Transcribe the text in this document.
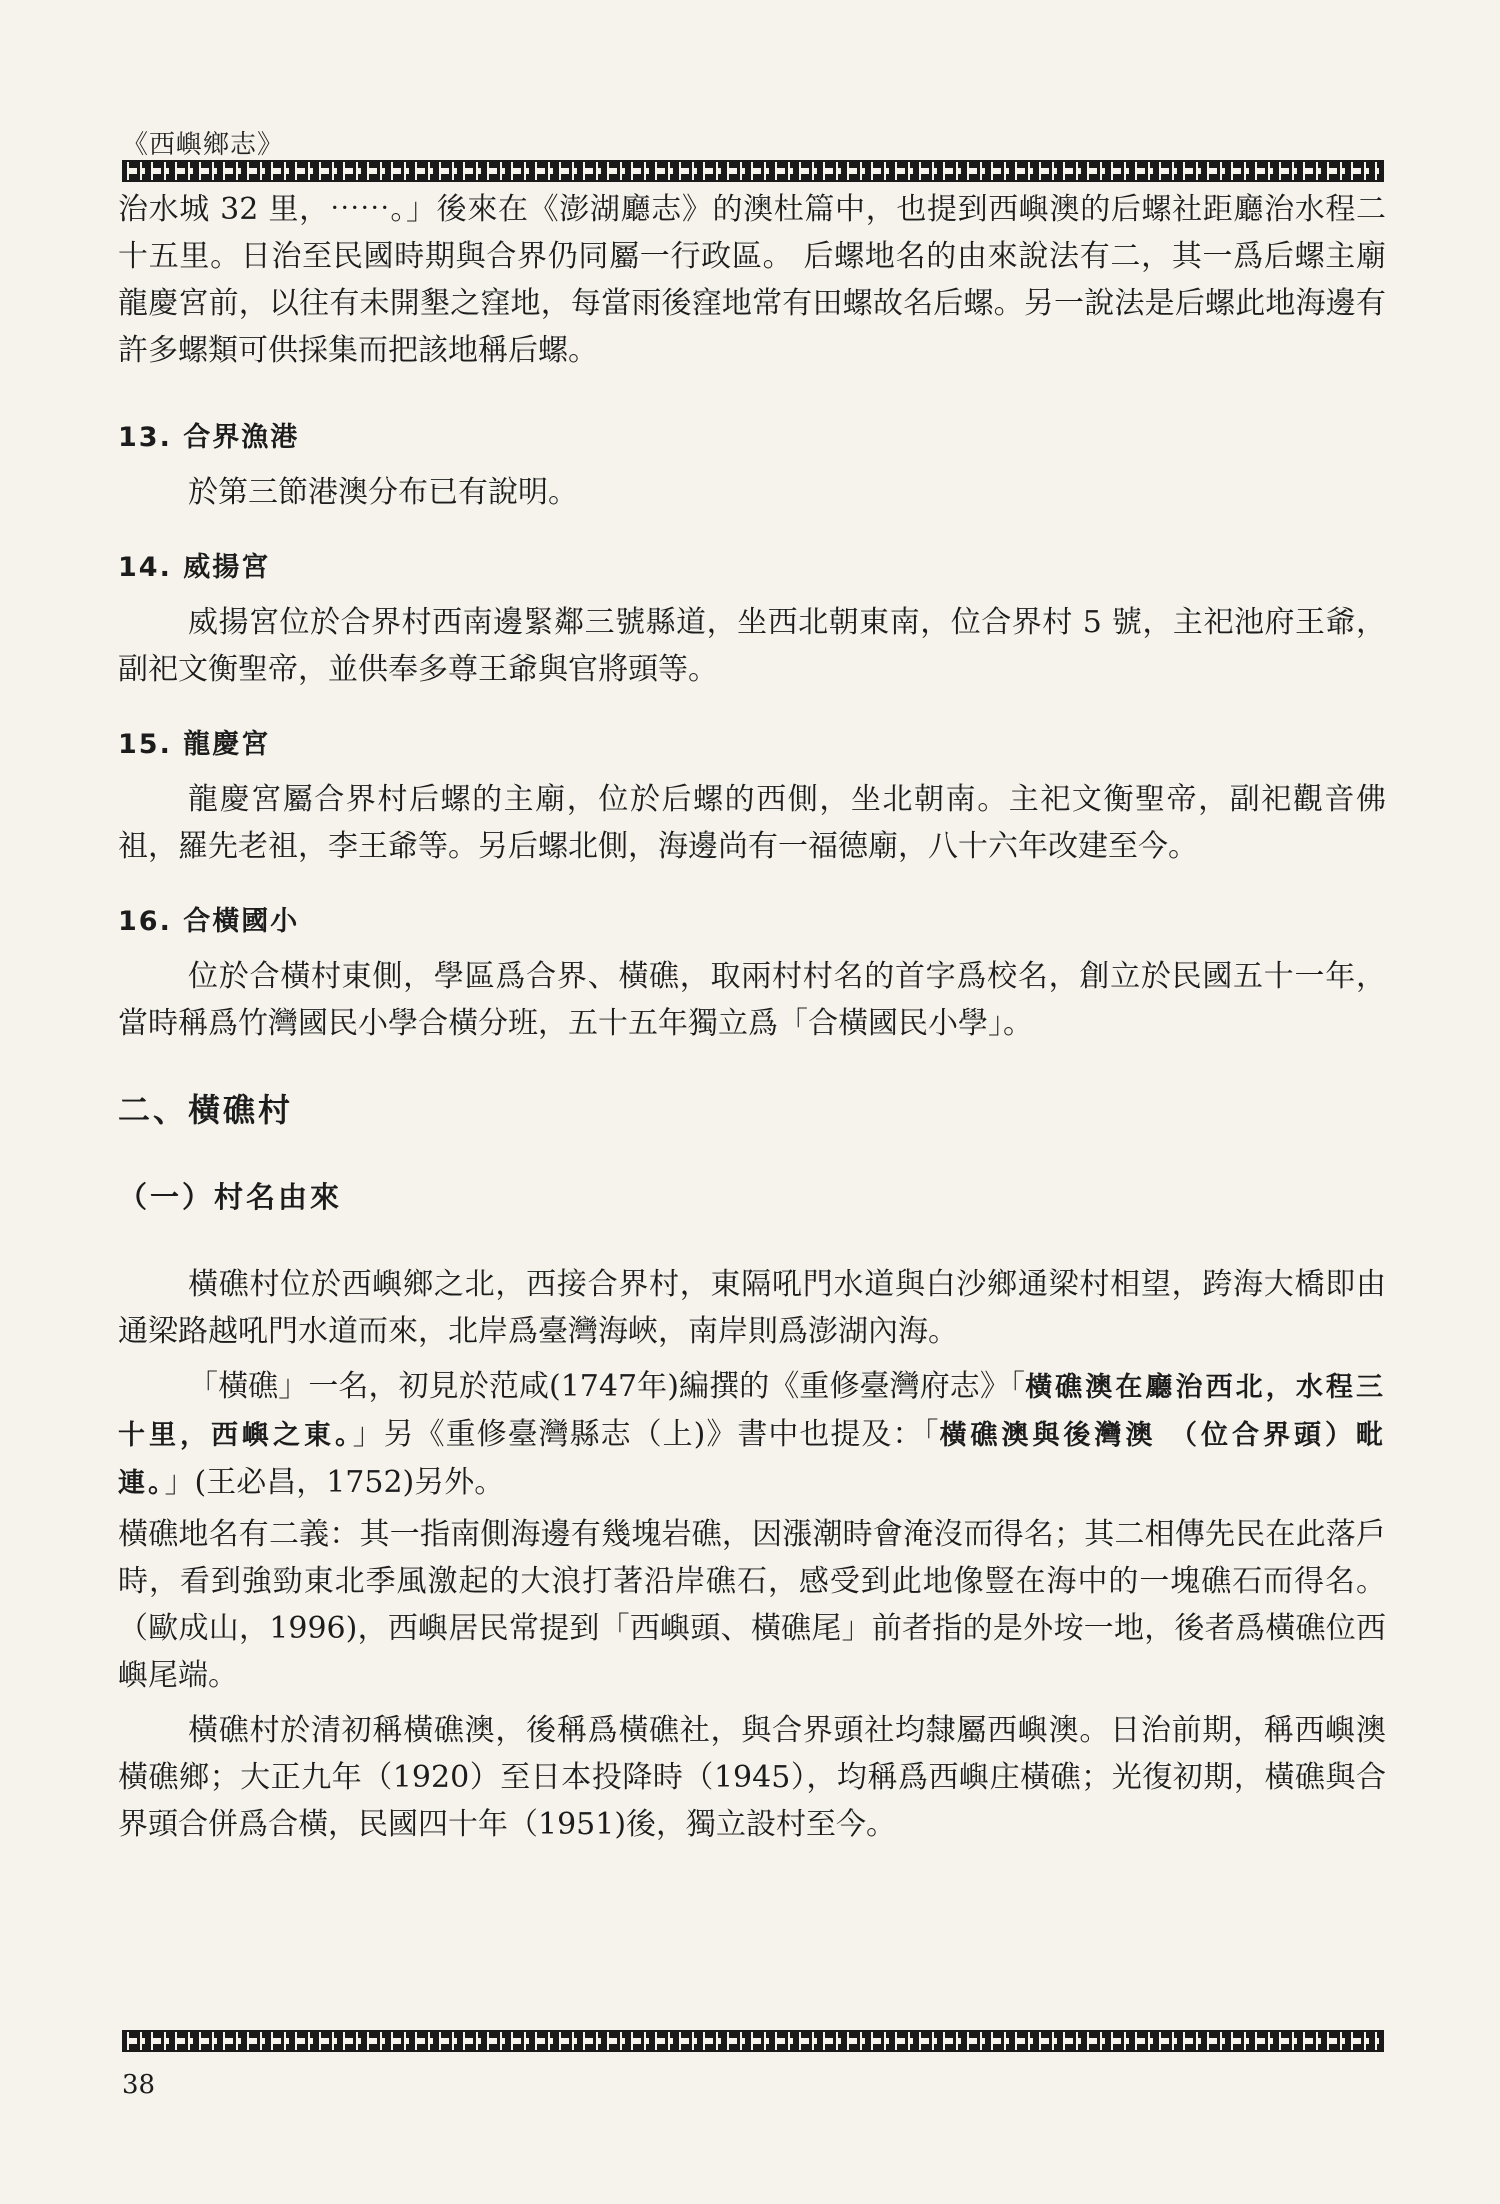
《西嶼鄉志》

治水城 32 里，⋯⋯。」後來在《澎湖廳志》的澳杜篇中，也提到西嶼澳的后螺社距廳治水程二十五里。日治至民國時期與合界仍同屬一行政區。 后螺地名的由來說法有二，其一爲后螺主廟龍慶宮前，以往有未開墾之窪地，每當雨後窪地常有田螺故名后螺。另一說法是后螺此地海邊有許多螺類可供採集而把該地稱后螺。

13. 合界漁港

於第三節港澳分布已有說明。

14. 威揚宮

威揚宮位於合界村西南邊緊鄰三號縣道，坐西北朝東南，位合界村 5 號，主祀池府王爺，副祀文衡聖帝，並供奉多尊王爺與官將頭等。

15. 龍慶宮

龍慶宮屬合界村后螺的主廟，位於后螺的西側，坐北朝南。主祀文衡聖帝，副祀觀音佛祖，羅先老祖，李王爺等。另后螺北側，海邊尚有一福德廟，八十六年改建至今。

16. 合橫國小

位於合橫村東側，學區爲合界、橫礁，取兩村村名的首字爲校名，創立於民國五十一年，當時稱爲竹灣國民小學合橫分班，五十五年獨立爲「合橫國民小學」。

二、橫礁村

（一）村名由來

橫礁村位於西嶼鄉之北，西接合界村，東隔吼門水道與白沙鄉通梁村相望，跨海大橋即由通梁路越吼門水道而來，北岸爲臺灣海峽，南岸則爲澎湖內海。

「橫礁」一名，初見於范咸(1747年)編撰的《重修臺灣府志》「橫礁澳在廳治西北，水程三十里，西嶼之東。」另《重修臺灣縣志（上)》書中也提及：「橫礁澳與後灣澳 （位合界頭）毗連。」(王必昌，1752)另外。

橫礁地名有二義：其一指南側海邊有幾塊岩礁，因漲潮時會淹沒而得名；其二相傳先民在此落戶時，看到強勁東北季風激起的大浪打著沿岸礁石，感受到此地像豎在海中的一塊礁石而得名。（歐成山，1996)，西嶼居民常提到「西嶼頭、橫礁尾」前者指的是外垵一地，後者爲橫礁位西嶼尾端。

橫礁村於清初稱橫礁澳，後稱爲橫礁社，與合界頭社均隸屬西嶼澳。日治前期，稱西嶼澳橫礁鄉；大正九年（1920）至日本投降時（1945），均稱爲西嶼庄橫礁；光復初期，橫礁與合界頭合併爲合橫，民國四十年（1951)後，獨立設村至今。

38
